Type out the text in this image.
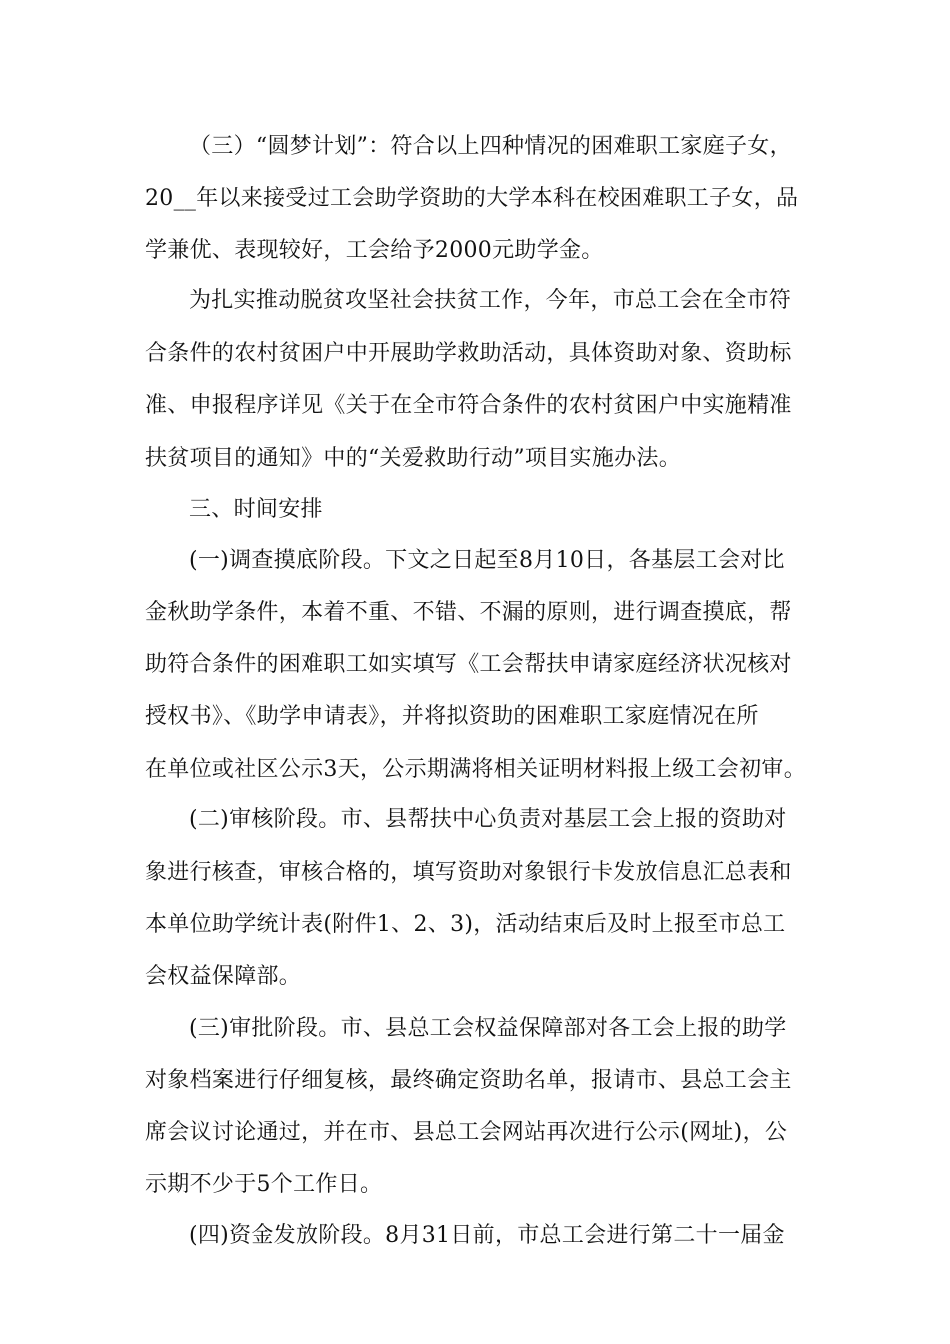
（三）“圆梦计划”：符合以上四种情况的困难职工家庭子女，
20__年以来接受过工会助学资助的大学本科在校困难职工子女，品
学兼优、表现较好，工会给予2000元助学金。
为扎实推动脱贫攻坚社会扶贫工作，今年，市总工会在全市符
合条件的农村贫困户中开展助学救助活动，具体资助对象、资助标
准、申报程序详见《关于在全市符合条件的农村贫困户中实施精准
扶贫项目的通知》中的“关爱救助行动”项目实施办法。
三、时间安排
(一)调查摸底阶段。下文之日起至8月10日，各基层工会对比
金秋助学条件，本着不重、不错、不漏的原则，进行调查摸底，帮
助符合条件的困难职工如实填写《工会帮扶申请家庭经济状况核对
授权书》、《助学申请表》，并将拟资助的困难职工家庭情况在所
在单位或社区公示3天，公示期满将相关证明材料报上级工会初审。
(二)审核阶段。市、县帮扶中心负责对基层工会上报的资助对
象进行核查，审核合格的，填写资助对象银行卡发放信息汇总表和
本单位助学统计表(附件1、2、3)，活动结束后及时上报至市总工
会权益保障部。
(三)审批阶段。市、县总工会权益保障部对各工会上报的助学
对象档案进行仔细复核，最终确定资助名单，报请市、县总工会主
席会议讨论通过，并在市、县总工会网站再次进行公示(网址)，公
示期不少于5个工作日。
(四)资金发放阶段。8月31日前，市总工会进行第二十一届金
